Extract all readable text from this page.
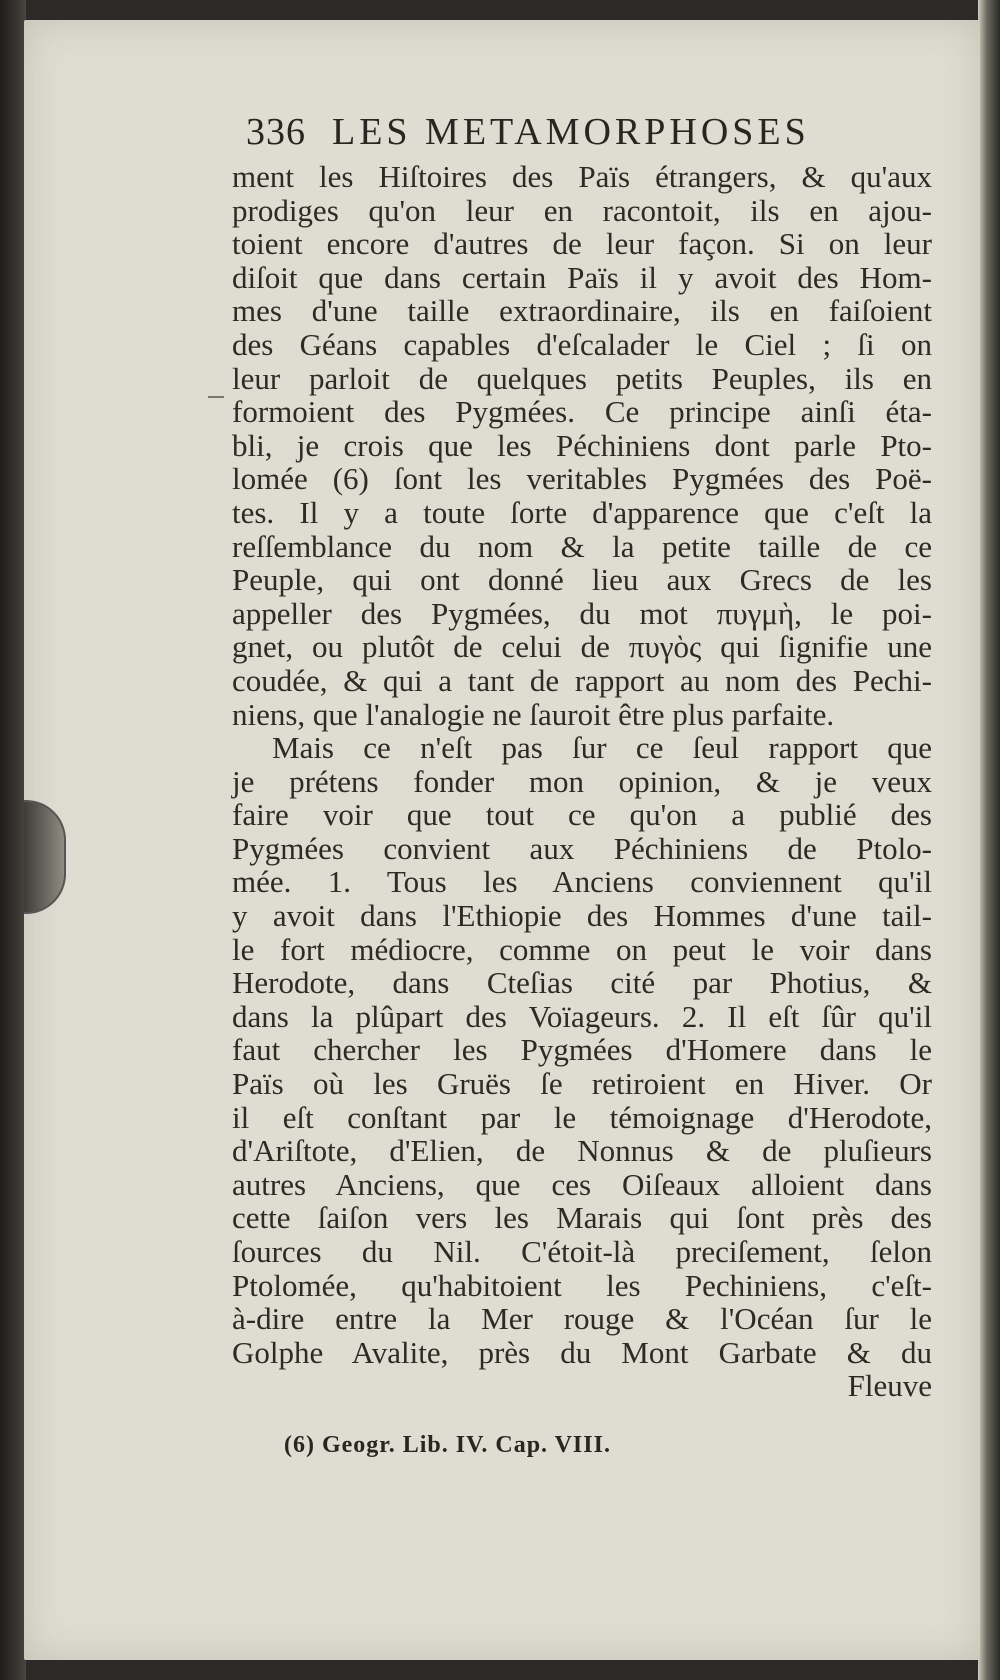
336 LES METAMORPHOSES
ment les Hiſtoires des Païs étrangers, & qu'aux
prodiges qu'on leur en racontoit, ils en ajou-
toient encore d'autres de leur façon. Si on leur
diſoit que dans certain Païs il y avoit des Hom-
mes d'une taille extraordinaire, ils en faiſoient
des Géans capables d'eſcalader le Ciel ; ſi on
leur parloit de quelques petits Peuples, ils en
formoient des Pygmées. Ce principe ainſi éta-
bli, je crois que les Péchiniens dont parle Pto-
lomée (6) ſont les veritables Pygmées des Poë-
tes. Il y a toute ſorte d'apparence que c'eſt la
reſſemblance du nom & la petite taille de ce
Peuple, qui ont donné lieu aux Grecs de les
appeller des Pygmées, du mot πυγμὴ, le poi-
gnet, ou plutôt de celui de πυγὸς qui ſignifie une
coudée, & qui a tant de rapport au nom des Pechi-
niens, que l'analogie ne ſauroit être plus parfaite.
Mais ce n'eſt pas ſur ce ſeul rapport que
je prétens fonder mon opinion, & je veux
faire voir que tout ce qu'on a publié des
Pygmées convient aux Péchiniens de Ptolo-
mée. 1. Tous les Anciens conviennent qu'il
y avoit dans l'Ethiopie des Hommes d'une tail-
le fort médiocre, comme on peut le voir dans
Herodote, dans Cteſias cité par Photius, &
dans la plûpart des Voïageurs. 2. Il eſt ſûr qu'il
faut chercher les Pygmées d'Homere dans le
Païs où les Gruës ſe retiroient en Hiver. Or
il eſt conſtant par le témoignage d'Herodote,
d'Ariſtote, d'Elien, de Nonnus & de pluſieurs
autres Anciens, que ces Oiſeaux alloient dans
cette ſaiſon vers les Marais qui ſont près des
ſources du Nil. C'étoit-là preciſement, ſelon
Ptolomée, qu'habitoient les Pechiniens, c'eſt-
à-dire entre la Mer rouge & l'Océan ſur le
Golphe Avalite, près du Mont Garbate & du
Fleuve
(6) Geogr. Lib. IV. Cap. VIII.
